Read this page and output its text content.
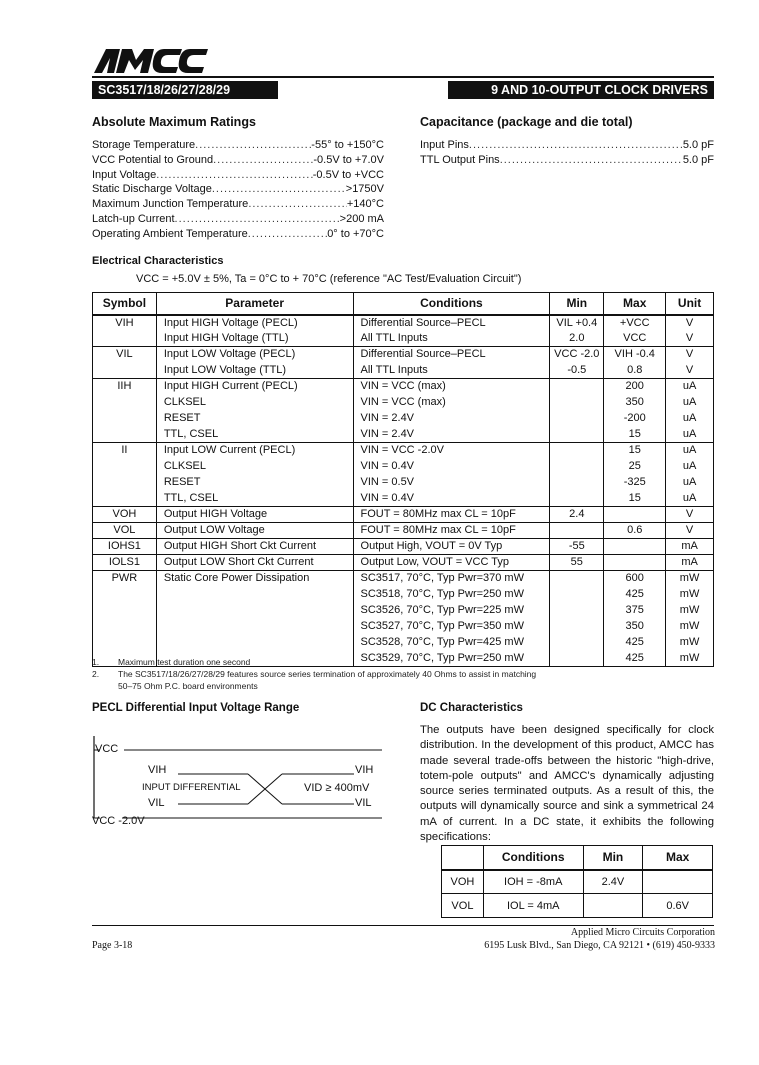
SC3517/18/26/27/28/29	9 AND 10-OUTPUT CLOCK DRIVERS
Absolute Maximum Ratings
Storage Temperature .....	-55° to +150°C
VCC Potential to Ground .....	-0.5V to +7.0V
Input Voltage .....	-0.5V to +VCC
Static Discharge Voltage .....	>1750V
Maximum Junction Temperature .....	+140°C
Latch-up Current .....	>200 mA
Operating Ambient Temperature .....	0° to +70°C
Capacitance (package and die total)
Input Pins .....	5.0 pF
TTL Output Pins .....	5.0 pF
Electrical Characteristics
VCC = +5.0V ± 5%, Ta = 0°C to + 70°C (reference "AC Test/Evaluation Circuit")
Symbol	Parameter	Conditions	Min	Max	Unit
VIH	Input HIGH Voltage (PECL)	Differential Source–PECL	VIL +0.4	+VCC	V
	Input HIGH Voltage (TTL)	All TTL Inputs	2.0	VCC	V
VIL	Input LOW Voltage (PECL)	Differential Source–PECL	VCC -2.0	VIH -0.4	V
	Input LOW Voltage (TTL)	All TTL Inputs	-0.5	0.8	V
IIH	Input HIGH Current (PECL)	VIN = VCC (max)		200	uA
	CLKSEL	VIN = VCC (max)		350	uA
	RESET	VIN = 2.4V		-200	uA
	TTL, CSEL	VIN = 2.4V		15	uA
II	Input LOW Current (PECL)	VIN = VCC -2.0V		15	uA
	CLKSEL	VIN = 0.4V		25	uA
	RESET	VIN = 0.5V		-325	uA
	TTL, CSEL	VIN = 0.4V		15	uA
VOH	Output HIGH Voltage	FOUT = 80MHz max CL = 10pF	2.4		V
VOL	Output LOW Voltage	FOUT = 80MHz max CL = 10pF		0.6	V
IOHS1	Output HIGH Short Ckt Current	Output High, VOUT = 0V Typ	-55		mA
IOLS1	Output LOW Short Ckt Current	Output Low, VOUT = VCC Typ	55		mA
PWR	Static Core Power Dissipation	SC3517, 70°C, Typ Pwr=370 mW		600	mW
		SC3518, 70°C, Typ Pwr=250 mW		425	mW
		SC3526, 70°C, Typ Pwr=225 mW		375	mW
		SC3527, 70°C, Typ Pwr=350 mW		350	mW
		SC3528, 70°C, Typ Pwr=425 mW		425	mW
		SC3529, 70°C, Typ Pwr=250 mW		425	mW
1.	Maximum test duration one second
2.	The SC3517/18/26/27/28/29 features source series termination of approximately 40 Ohms to assist in matching
50–75 Ohm P.C. board environments
PECL Differential Input Voltage Range
VCC
VIH	VIH
INPUT DIFFERENTIAL	VID ≥ 400mV
VIL	VIL
VCC -2.0V
DC Characteristics
The outputs have been designed specifically for clock distribution. In the development of this product, AMCC has made several trade-offs between the historic "high-drive, totem-pole outputs" and AMCC's dynamically adjusting source series terminated outputs. As a result of this, the outputs will dynamically source and sink a symmetrical 24 mA of current. In a DC state, it exhibits the following specifications:
	Conditions	Min	Max
VOH	IOH = -8mA	2.4V	
VOL	IOL = 4mA		0.6V
Page 3-18
Applied Micro Circuits Corporation
6195 Lusk Blvd., San Diego, CA 92121 • (619) 450-9333
